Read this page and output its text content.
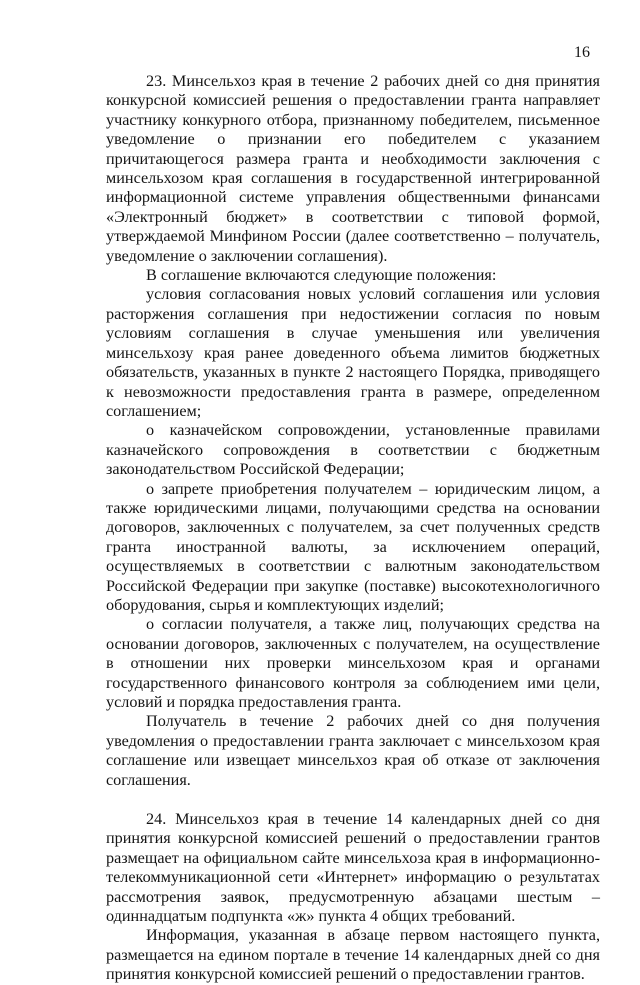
16

23. Минсельхоз края в течение 2 рабочих дней со дня принятия конкурсной комиссией решения о предоставлении гранта направляет участнику конкурного отбора, признанному победителем, письменное уведомление о признании его победителем с указанием причитающегося размера гранта и необходимости заключения с минсельхозом края соглашения в государственной интегрированной информационной системе управления общественными финансами «Электронный бюджет» в соответствии с типовой формой, утверждаемой Минфином России (далее соответственно – получатель, уведомление о заключении соглашения).

В соглашение включаются следующие положения:

условия согласования новых условий соглашения или условия расторжения соглашения при недостижении согласия по новым условиям соглашения в случае уменьшения или увеличения минсельхозу края ранее доведенного объема лимитов бюджетных обязательств, указанных в пункте 2 настоящего Порядка, приводящего к невозможности предоставления гранта в размере, определенном соглашением;

о казначейском сопровождении, установленные правилами казначейского сопровождения в соответствии с бюджетным законодательством Российской Федерации;

о запрете приобретения получателем – юридическим лицом, а также юридическими лицами, получающими средства на основании договоров, заключенных с получателем, за счет полученных средств гранта иностранной валюты, за исключением операций, осуществляемых в соответствии с валютным законодательством Российской Федерации при закупке (поставке) высокотехнологичного оборудования, сырья и комплектующих изделий;

о согласии получателя, а также лиц, получающих средства на основании договоров, заключенных с получателем, на осуществление в отношении них проверки минсельхозом края и органами государственного финансового контроля за соблюдением ими цели, условий и порядка предоставления гранта.

Получатель в течение 2 рабочих дней со дня получения уведомления о предоставлении гранта заключает с минсельхозом края соглашение или извещает минсельхоз края об отказе от заключения соглашения.

24. Минсельхоз края в течение 14 календарных дней со дня принятия конкурсной комиссией решений о предоставлении грантов размещает на официальном сайте минсельхоза края в информационно-телекоммуникационной сети «Интернет» информацию о результатах рассмотрения заявок, предусмотренную абзацами шестым – одиннадцатым подпункта «ж» пункта 4 общих требований.

Информация, указанная в абзаце первом настоящего пункта, размещается на едином портале в течение 14 календарных дней со дня принятия конкурсной комиссией решений о предоставлении грантов.
